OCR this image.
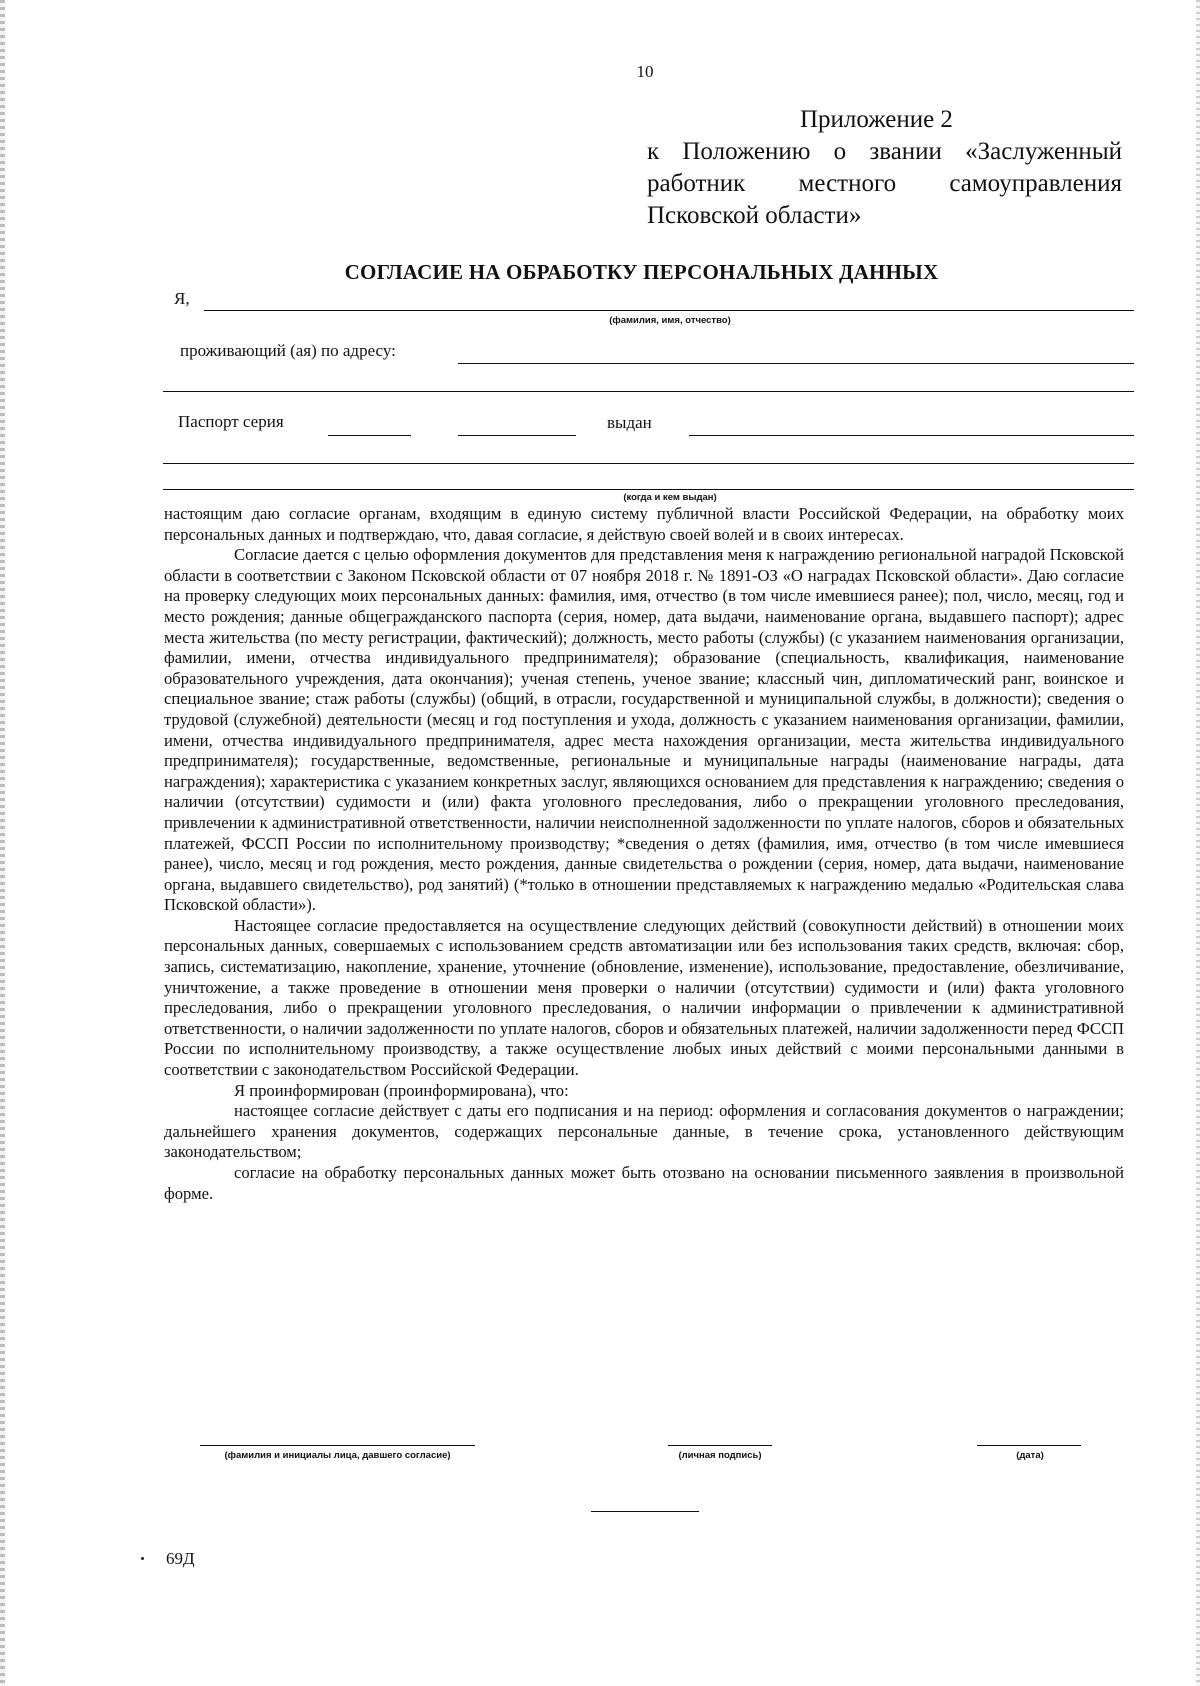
10
Приложение 2
к Положению о звании «Заслуженный
работник местного самоуправления
Псковской области»
СОГЛАСИЕ НА ОБРАБОТКУ ПЕРСОНАЛЬНЫХ ДАННЫХ
Я,
(фамилия, имя, отчество)
проживающий (ая) по адресу:
Паспорт серия	выдан
(когда и кем выдан)

настоящим даю согласие органам, входящим в единую систему публичной власти Российской Федерации, на обработку моих персональных данных и подтверждаю, что, давая согласие, я действую своей волей и в своих интересах.

Согласие дается с целью оформления документов для представления меня к награждению региональной наградой Псковской области в соответствии с Законом Псковской области от 07 ноября 2018 г. № 1891-ОЗ «О наградах Псковской области». Даю согласие на проверку следующих моих персональных данных: фамилия, имя, отчество (в том числе имевшиеся ранее); пол, число, месяц, год и место рождения; данные общегражданского паспорта (серия, номер, дата выдачи, наименование органа, выдавшего паспорт); адрес места жительства (по месту регистрации, фактический); должность, место работы (службы) (с указанием наименования организации, фамилии, имени, отчества индивидуального предпринимателя); образование (специальность, квалификация, наименование образовательного учреждения, дата окончания); ученая степень, ученое звание; классный чин, дипломатический ранг, воинское и специальное звание; стаж работы (службы) (общий, в отрасли, государственной и муниципальной службы, в должности); сведения о трудовой (служебной) деятельности (месяц и год поступления и ухода, должность с указанием наименования организации, фамилии, имени, отчества индивидуального предпринимателя, адрес места нахождения организации, места жительства индивидуального предпринимателя); государственные, ведомственные, региональные и муниципальные награды (наименование награды, дата награждения); характеристика с указанием конкретных заслуг, являющихся основанием для представления к награждению; сведения о наличии (отсутствии) судимости и (или) факта уголовного преследования, либо о прекращении уголовного преследования, привлечении к административной ответственности, наличии неисполненной задолженности по уплате налогов, сборов и обязательных платежей, ФССП России по исполнительному производству; *сведения о детях (фамилия, имя, отчество (в том числе имевшиеся ранее), число, месяц и год рождения, место рождения, данные свидетельства о рождении (серия, номер, дата выдачи, наименование органа, выдавшего свидетельство), род занятий) (*только в отношении представляемых к награждению медалью «Родительская слава Псковской области»).

Настоящее согласие предоставляется на осуществление следующих действий (совокупности действий) в отношении моих персональных данных, совершаемых с использованием средств автоматизации или без использования таких средств, включая: сбор, запись, систематизацию, накопление, хранение, уточнение (обновление, изменение), использование, предоставление, обезличивание, уничтожение, а также проведение в отношении меня проверки о наличии (отсутствии) судимости и (или) факта уголовного преследования, либо о прекращении уголовного преследования, о наличии информации о привлечении к административной ответственности, о наличии задолженности по уплате налогов, сборов и обязательных платежей, наличии задолженности перед ФССП России по исполнительному производству, а также осуществление любых иных действий с моими персональными данными в соответствии с законодательством Российской Федерации.

Я проинформирован (проинформирована), что:

настоящее согласие действует с даты его подписания и на период: оформления и согласования документов о награждении; дальнейшего хранения документов, содержащих персональные данные, в течение срока, установленного действующим законодательством;

согласие на обработку персональных данных может быть отозвано на основании письменного заявления в произвольной форме.

(фамилия и инициалы лица, давшего согласие)	(личная подпись)	(дата)
69Д
